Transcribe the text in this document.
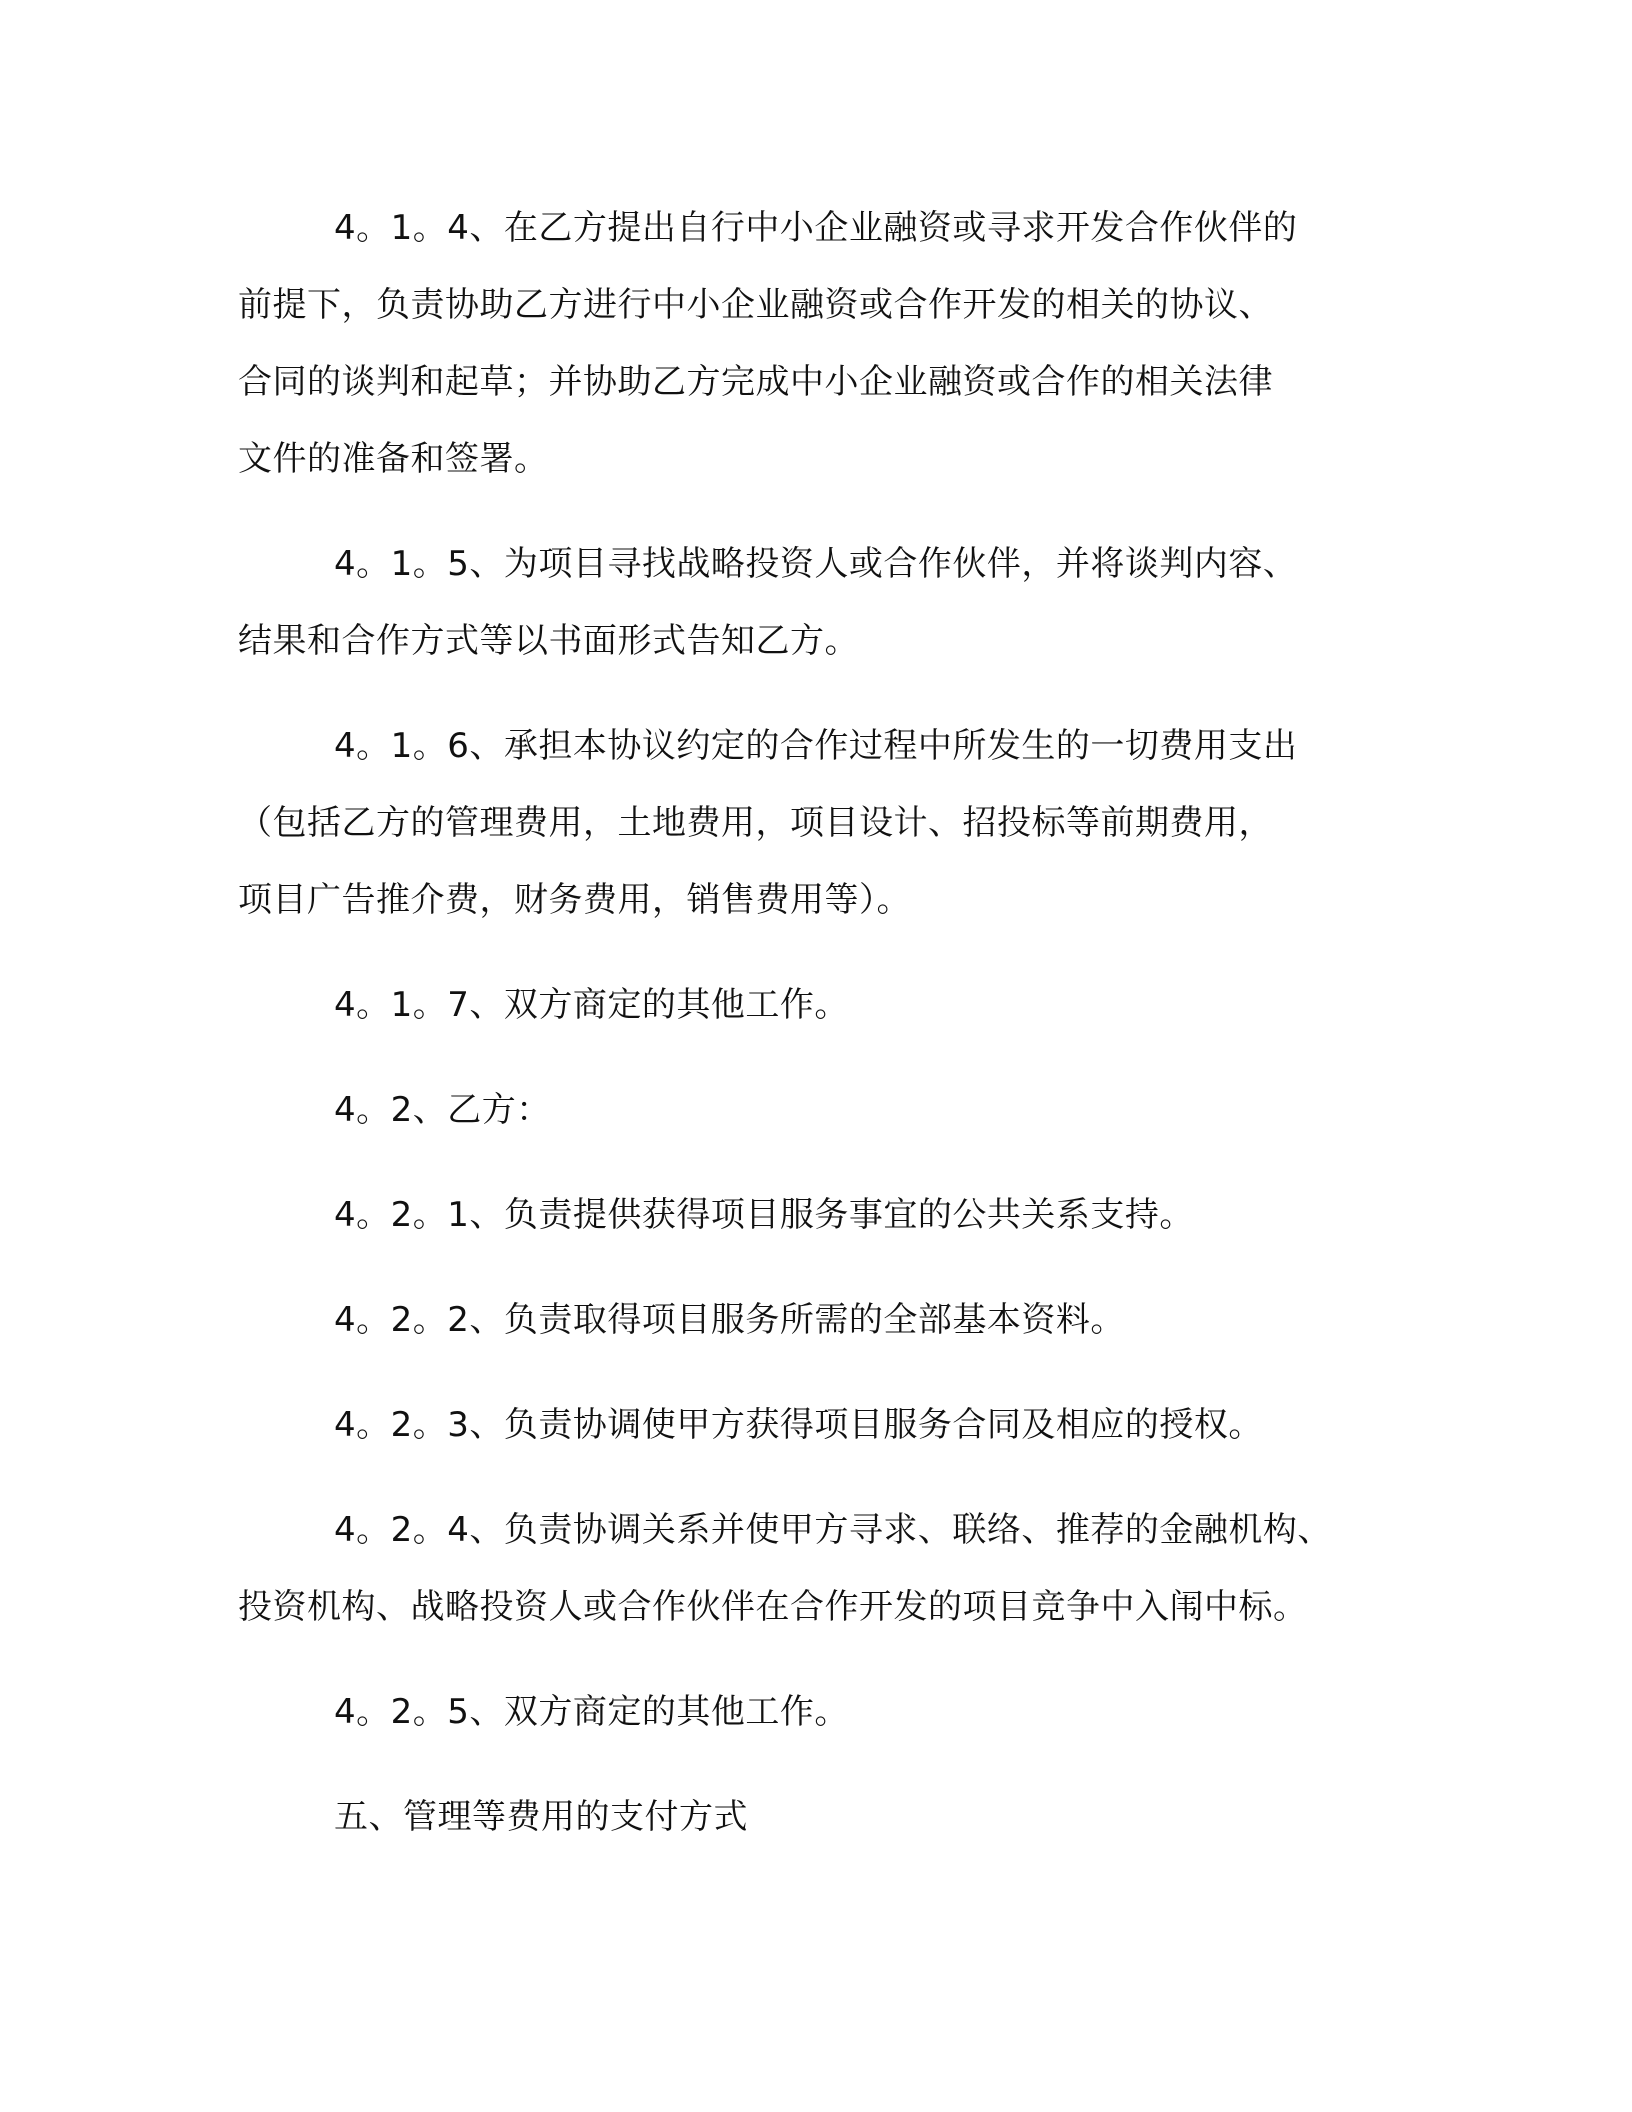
4。1。4、在乙方提出自行中小企业融资或寻求开发合作伙伴的
前提下，负责协助乙方进行中小企业融资或合作开发的相关的协议、
合同的谈判和起草；并协助乙方完成中小企业融资或合作的相关法律
文件的准备和签署。

4。1。5、为项目寻找战略投资人或合作伙伴，并将谈判内容、
结果和合作方式等以书面形式告知乙方。

4。1。6、承担本协议约定的合作过程中所发生的一切费用支出
（包括乙方的管理费用，土地费用，项目设计、招投标等前期费用，
项目广告推介费，财务费用，销售费用等）。

4。1。7、双方商定的其他工作。

4。2、乙方：

4。2。1、负责提供获得项目服务事宜的公共关系支持。

4。2。2、负责取得项目服务所需的全部基本资料。

4。2。3、负责协调使甲方获得项目服务合同及相应的授权。

4。2。4、负责协调关系并使甲方寻求、联络、推荐的金融机构、
投资机构、战略投资人或合作伙伴在合作开发的项目竞争中入闱中标。

4。2。5、双方商定的其他工作。

五、管理等费用的支付方式
